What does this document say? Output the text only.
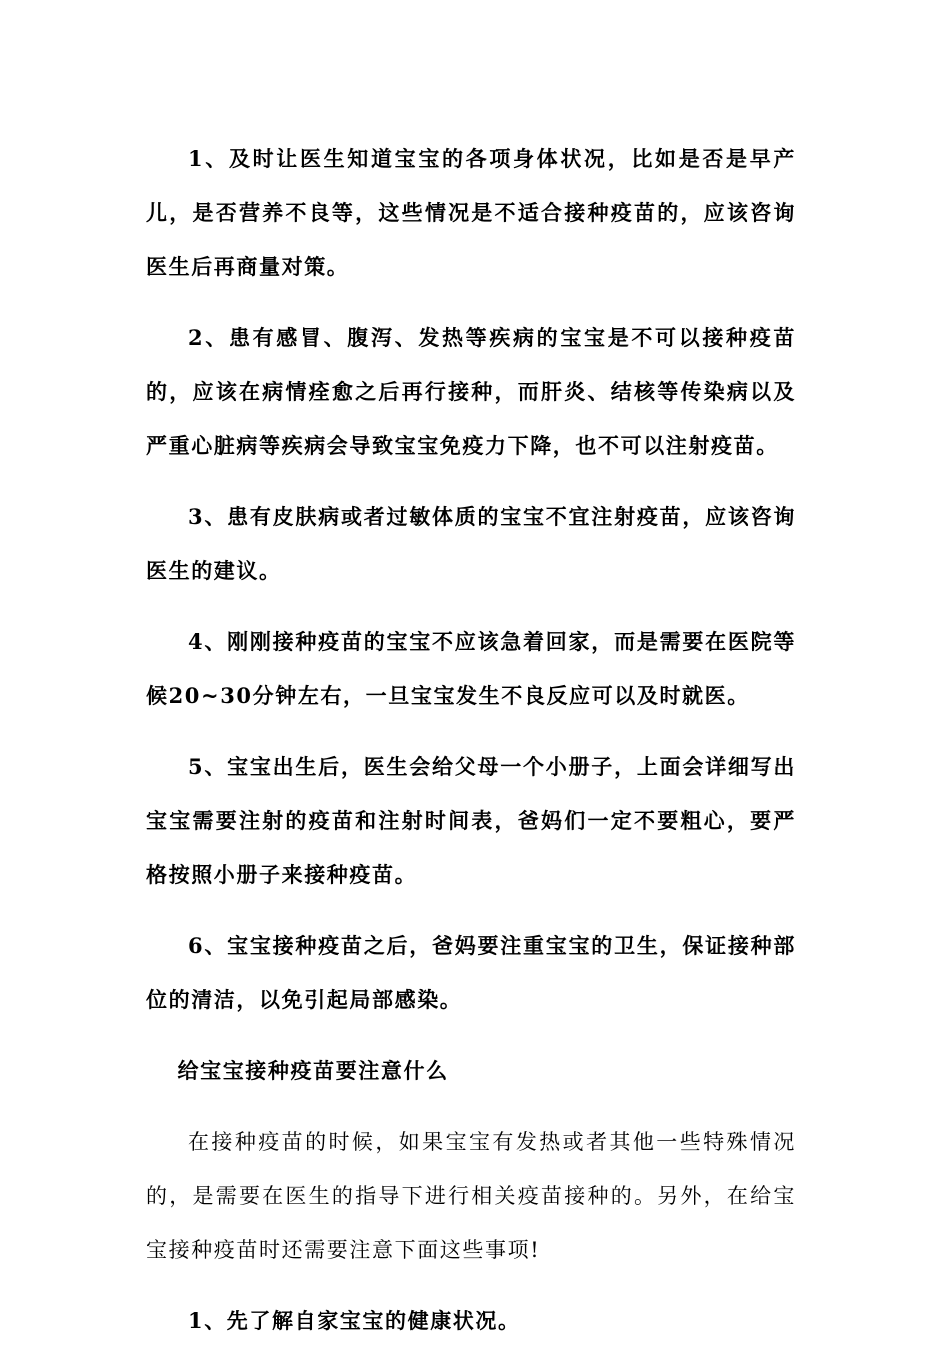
1、及时让医生知道宝宝的各项身体状况，比如是否是早产儿，是否营养不良等，这些情况是不适合接种疫苗的，应该咨询医生后再商量对策。

2、患有感冒、腹泻、发热等疾病的宝宝是不可以接种疫苗的，应该在病情痊愈之后再行接种，而肝炎、结核等传染病以及严重心脏病等疾病会导致宝宝免疫力下降，也不可以注射疫苗。

3、患有皮肤病或者过敏体质的宝宝不宜注射疫苗，应该咨询医生的建议。

4、刚刚接种疫苗的宝宝不应该急着回家，而是需要在医院等候20~30分钟左右，一旦宝宝发生不良反应可以及时就医。

5、宝宝出生后，医生会给父母一个小册子，上面会详细写出宝宝需要注射的疫苗和注射时间表，爸妈们一定不要粗心，要严格按照小册子来接种疫苗。

6、宝宝接种疫苗之后，爸妈要注重宝宝的卫生，保证接种部位的清洁，以免引起局部感染。

给宝宝接种疫苗要注意什么

在接种疫苗的时候，如果宝宝有发热或者其他一些特殊情况的，是需要在医生的指导下进行相关疫苗接种的。另外，在给宝宝接种疫苗时还需要注意下面这些事项!

1、先了解自家宝宝的健康状况。
